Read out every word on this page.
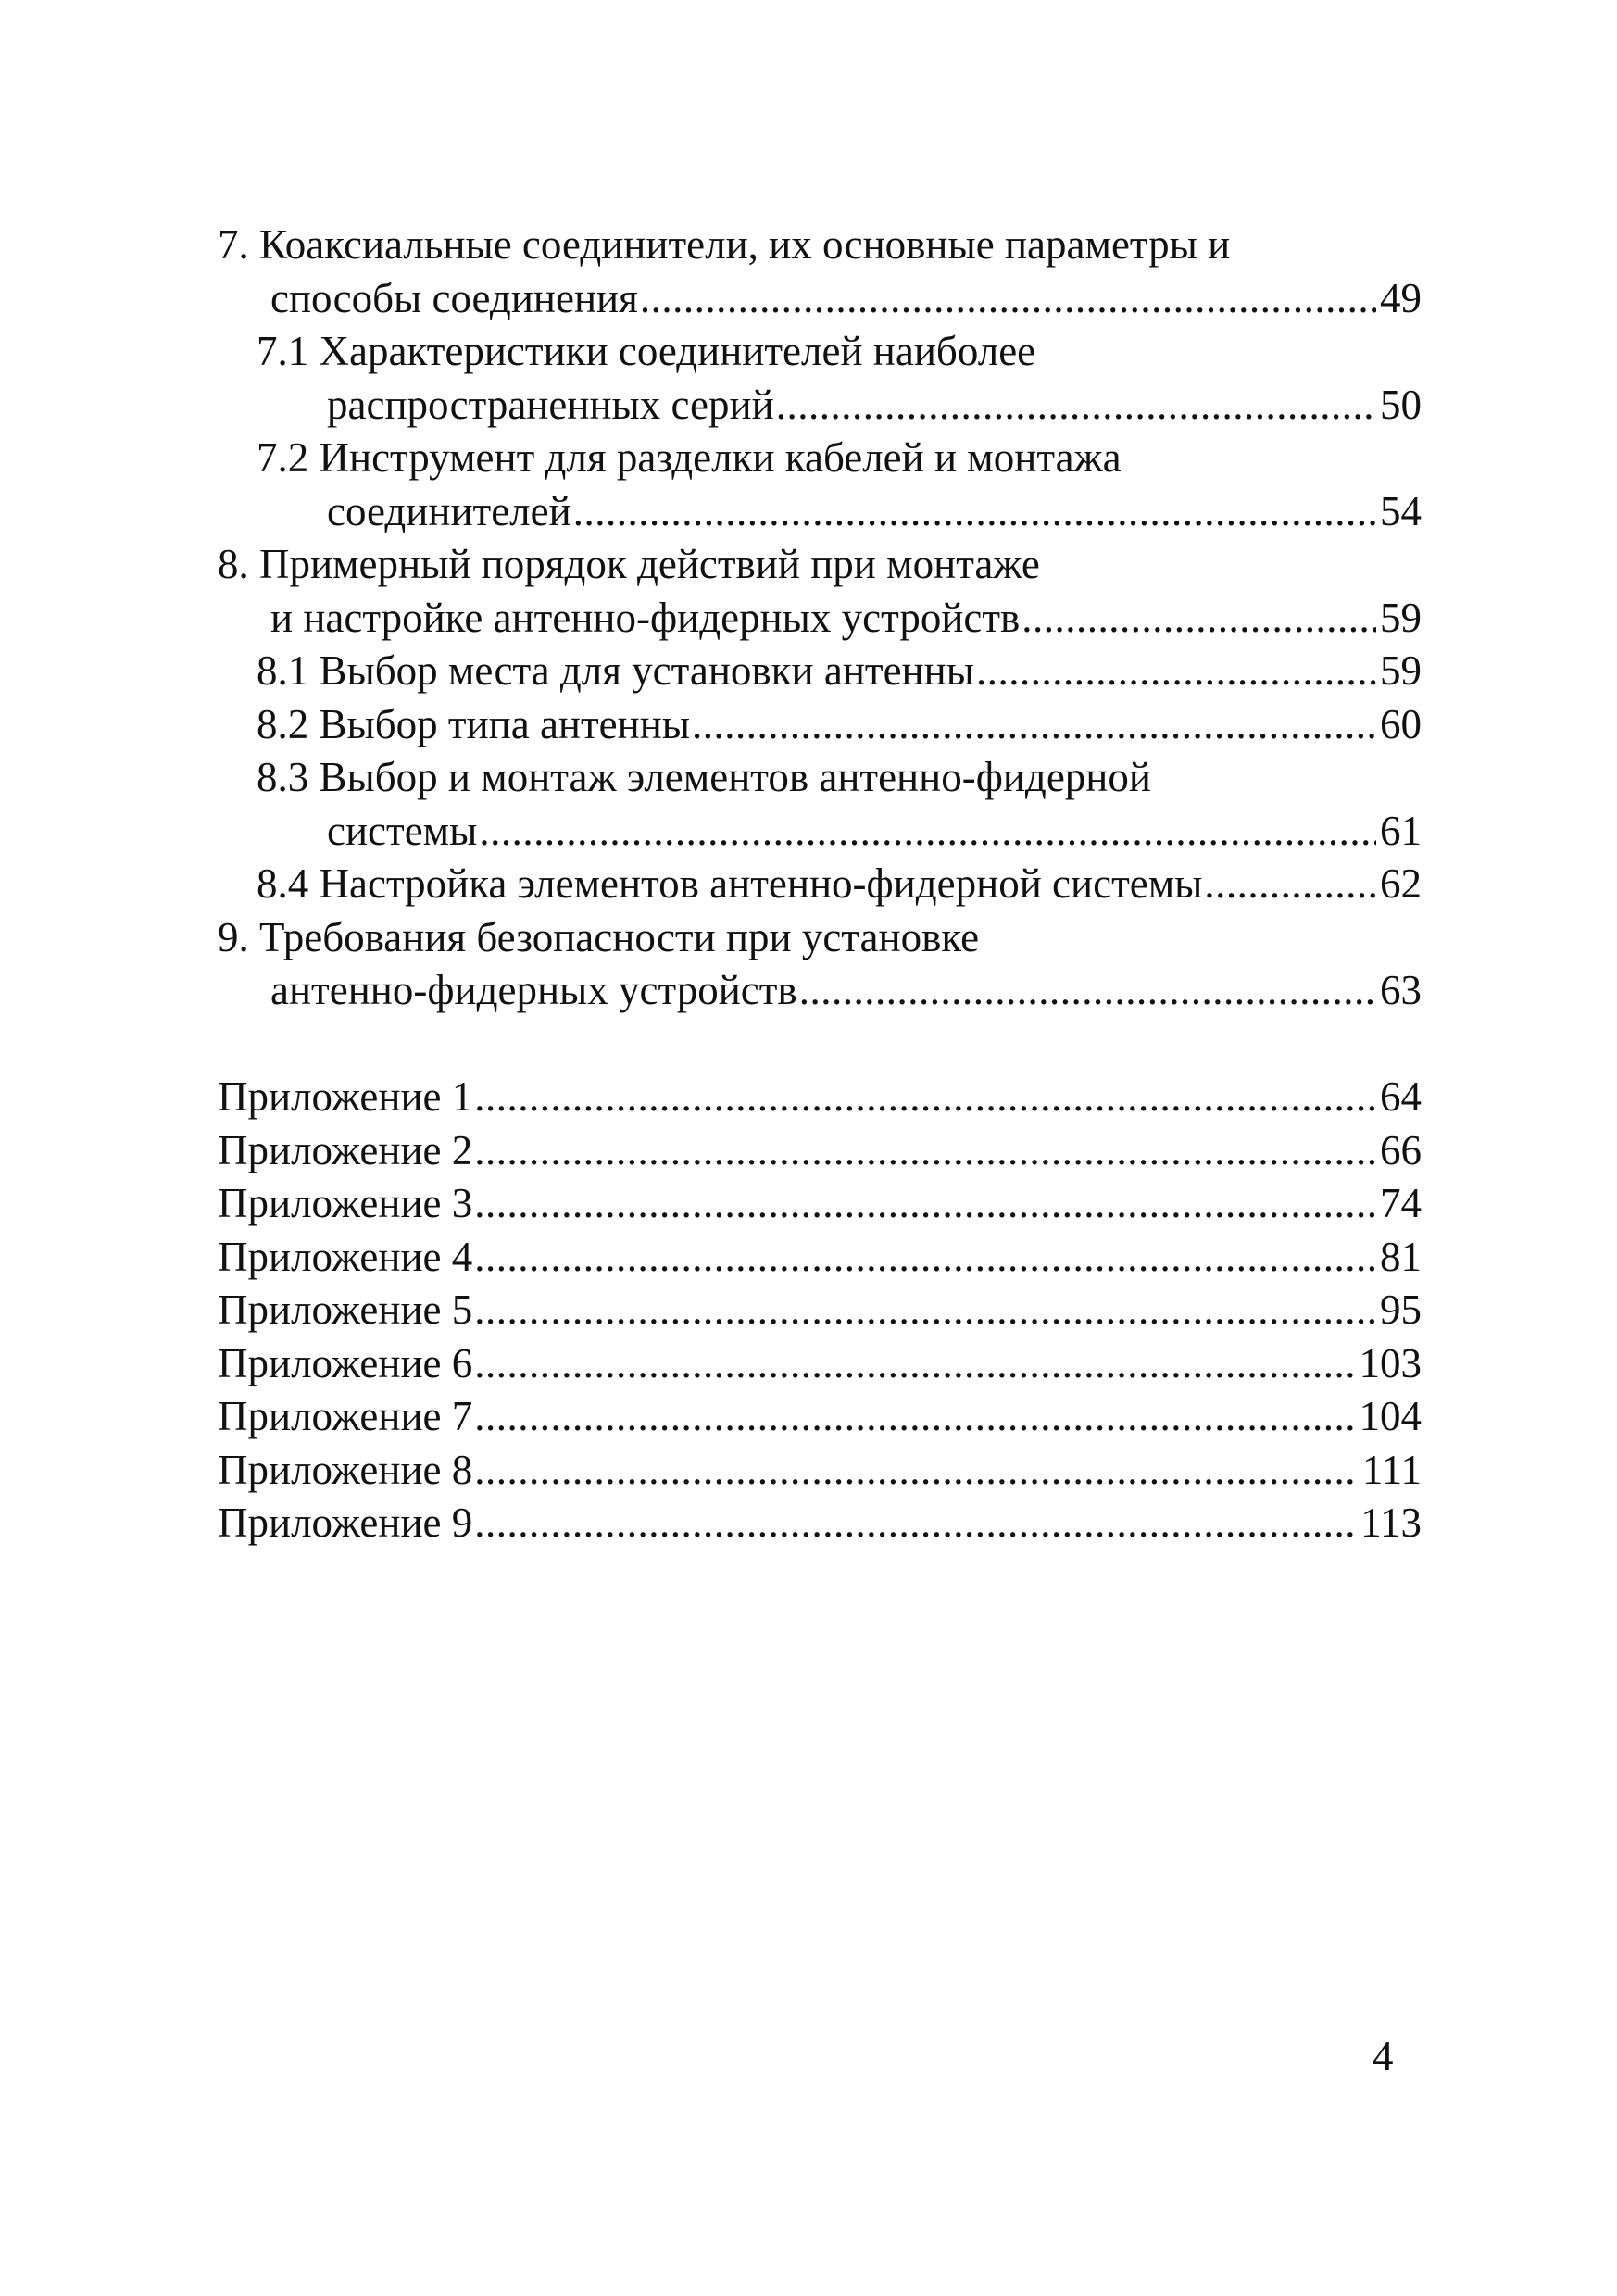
7. Коаксиальные соединители, их основные параметры и
способы соединения .....	49
7.1 Характеристики соединителей наиболее
распространенных серий .....	50
7.2 Инструмент для разделки кабелей и монтажа
соединителей .....	54
8. Примерный порядок действий при монтаже
и настройке антенно-фидерных устройств .....	59
8.1 Выбор места для установки антенны .....	59
8.2 Выбор типа антенны .....	60
8.3 Выбор и монтаж элементов антенно-фидерной
системы .....	61
8.4 Настройка элементов антенно-фидерной системы .....	62
9. Требования безопасности при установке
антенно-фидерных устройств .....	63
Приложение 1 .....	64
Приложение 2 .....	66
Приложение 3 .....	74
Приложение 4 .....	81
Приложение 5 .....	95
Приложение 6 .....	103
Приложение 7 .....	104
Приложение 8 .....	111
Приложение 9 .....	113
4
